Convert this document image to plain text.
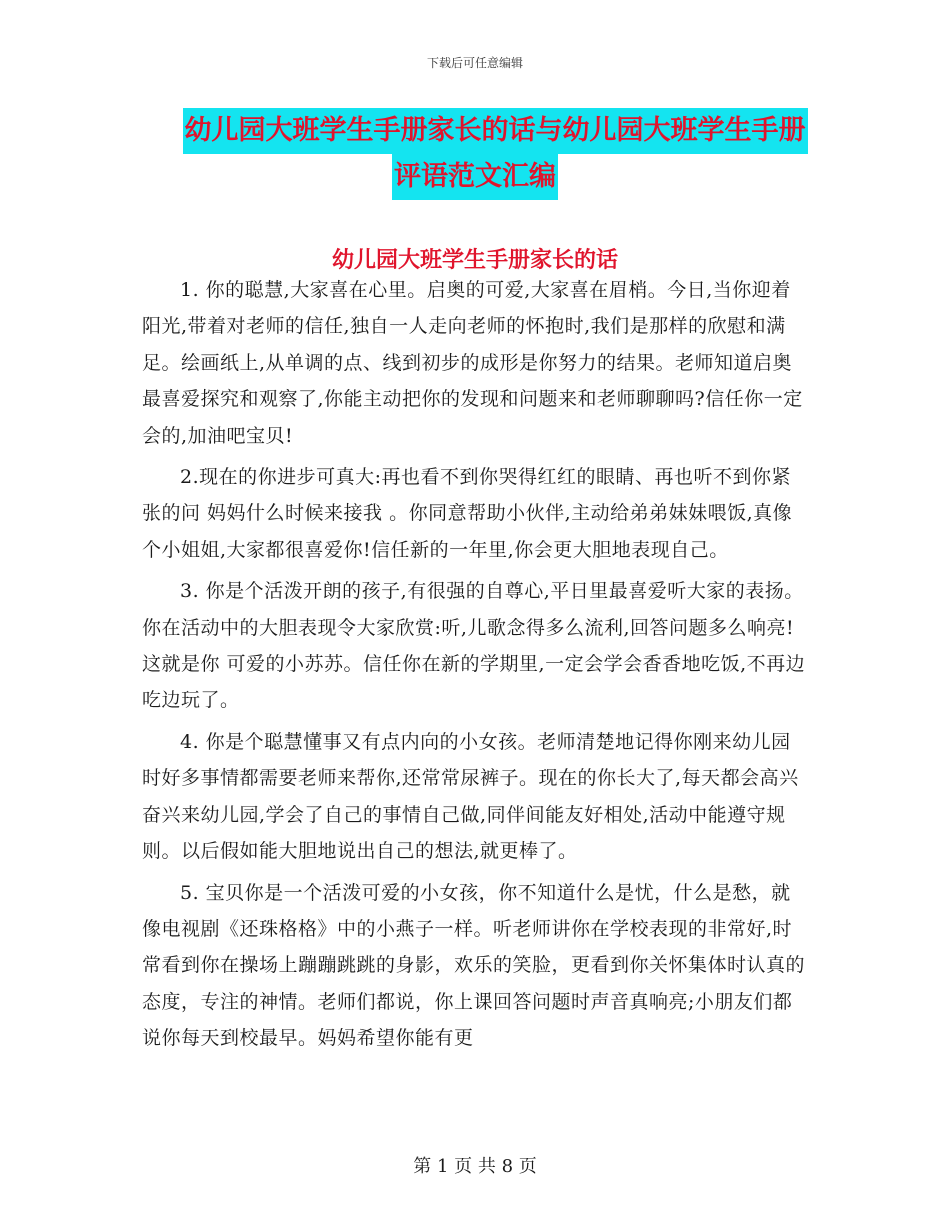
下载后可任意编辑
幼儿园大班学生手册家长的话与幼儿园大班学生手册
评语范文汇编
幼儿园大班学生手册家长的话

1. 你的聪慧,大家喜在心里。启奥的可爱,大家喜在眉梢。今日,当你迎着阳光,带着对老师的信任,独自一人走向老师的怀抱时,我们是那样的欣慰和满足。绘画纸上,从单调的点、线到初步的成形是你努力的结果。老师知道启奥最喜爱探究和观察了,你能主动把你的发现和问题来和老师聊聊吗?信任你一定会的,加油吧宝贝!

2.现在的你进步可真大:再也看不到你哭得红红的眼睛、再也听不到你紧张的问 妈妈什么时候来接我 。你同意帮助小伙伴,主动给弟弟妹妹喂饭,真像个小姐姐,大家都很喜爱你!信任新的一年里,你会更大胆地表现自己。

3. 你是个活泼开朗的孩子,有很强的自尊心,平日里最喜爱听大家的表扬。你在活动中的大胆表现令大家欣赏:听,儿歌念得多么流利,回答问题多么响亮!这就是你 可爱的小苏苏。信任你在新的学期里,一定会学会香香地吃饭,不再边吃边玩了。

4. 你是个聪慧懂事又有点内向的小女孩。老师清楚地记得你刚来幼儿园时好多事情都需要老师来帮你,还常常尿裤子。现在的你长大了,每天都会高兴奋兴来幼儿园,学会了自己的事情自己做,同伴间能友好相处,活动中能遵守规则。以后假如能大胆地说出自己的想法,就更棒了。

5. 宝贝你是一个活泼可爱的小女孩，你不知道什么是忧，什么是愁，就像电视剧《还珠格格》中的小燕子一样。听老师讲你在学校表现的非常好,时常看到你在操场上蹦蹦跳跳的身影，欢乐的笑脸，更看到你关怀集体时认真的态度，专注的神情。老师们都说，你上课回答问题时声音真响亮;小朋友们都说你每天到校最早。妈妈希望你能有更

第 1 页 共 8 页
